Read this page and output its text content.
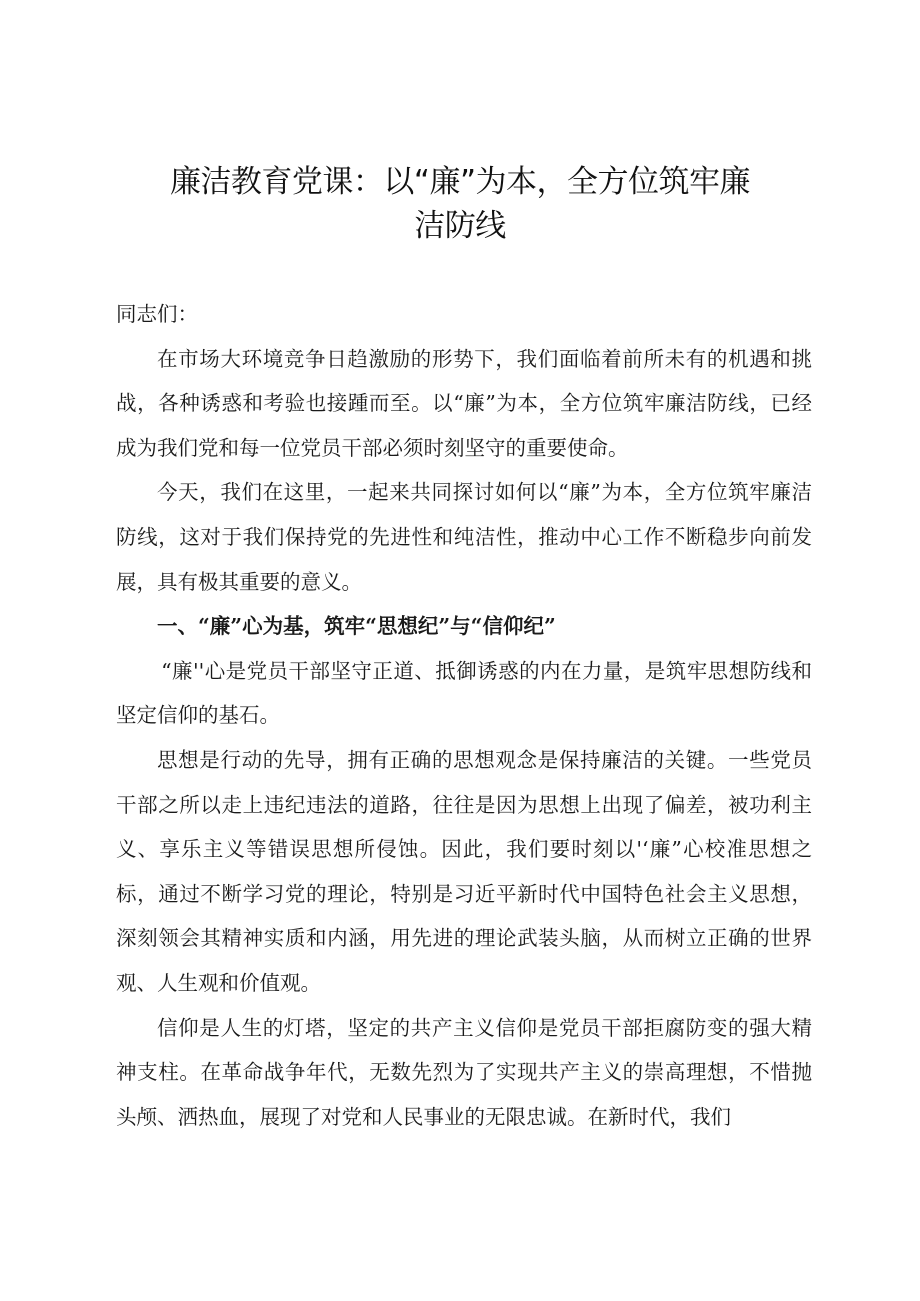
廉洁教育党课：以“廉”为本，全方位筑牢廉
洁防线

同志们：

在市场大环境竞争日趋激励的形势下，我们面临着前所未有的机遇和挑战，各种诱惑和考验也接踵而至。以“廉”为本，全方位筑牢廉洁防线，已经成为我们党和每一位党员干部必须时刻坚守的重要使命。

今天，我们在这里，一起来共同探讨如何以“廉”为本，全方位筑牢廉洁防线，这对于我们保持党的先进性和纯洁性，推动中心工作不断稳步向前发展，具有极其重要的意义。

一、“廉”心为基，筑牢“思想纪”与“信仰纪”

“廉''心是党员干部坚守正道、抵御诱惑的内在力量，是筑牢思想防线和坚定信仰的基石。

思想是行动的先导，拥有正确的思想观念是保持廉洁的关键。一些党员干部之所以走上违纪违法的道路，往往是因为思想上出现了偏差，被功利主义、享乐主义等错误思想所侵蚀。因此，我们要时刻以'‘廉”心校准思想之标，通过不断学习党的理论，特别是习近平新时代中国特色社会主义思想，深刻领会其精神实质和内涵，用先进的理论武装头脑，从而树立正确的世界观、人生观和价值观。

信仰是人生的灯塔，坚定的共产主义信仰是党员干部拒腐防变的强大精神支柱。在革命战争年代，无数先烈为了实现共产主义的崇高理想，不惜抛头颅、洒热血，展现了对党和人民事业的无限忠诚。在新时代，我们
